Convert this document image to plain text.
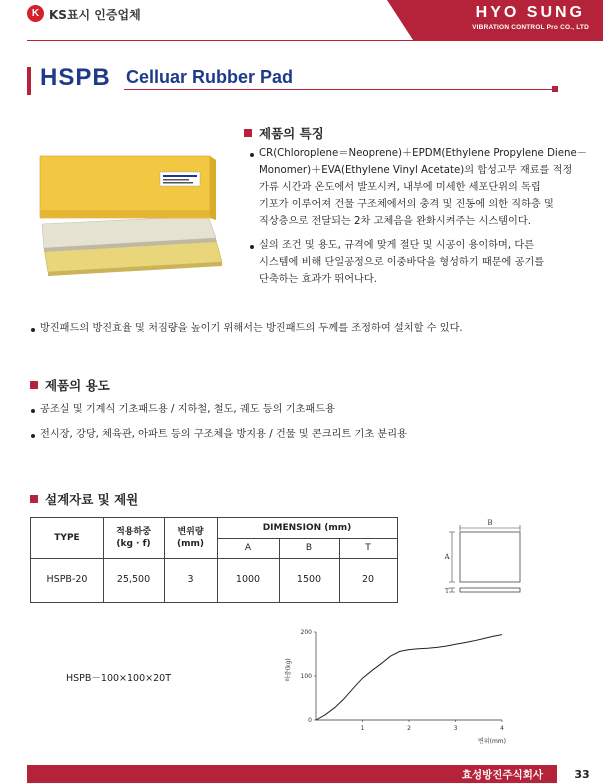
K KS표시 인증업체	HYO SUNG
VIBRATION CONTROL Pro CO., LTD
HSPB Celluar Rubber Pad
제품의 특징
CR(Chloroplene＝Neoprene)＋EPDM(Ethylene Propylene Diene－
Monomer)＋EVA(Ethylene Vinyl Acetate)의 합성고무 재료를 적정
가류 시간과 온도에서 발포시켜, 내부에 미세한 세포단위의 독립
기포가 이루어져 건물 구조체에서의 충격 및 진동에 의한 직하층 및
직상층으로 전달되는 2차 고체음을 완화시켜주는 시스템이다.
실의 조건 및 용도, 규격에 맞게 절단 및 시공이 용이하며, 다른
시스템에 비해 단일공정으로 이중바닥을 형성하기 때문에 공기를
단축하는 효과가 뛰어나다.
방진패드의 방진효율 및 처짐량을 높이기 위해서는 방진패드의 두께를 조정하여 설치할 수 있다.
제품의 용도
공조실 및 기계식 기초패드용 / 지하철, 철도, 궤도 등의 기초패드용
전시장, 강당, 체육관, 아파트 등의 구조체을 방지용 / 건물 및 콘크리트 기초 분리용
설계자료 및 제원
TYPE
적용하중
(kg · f)
변위량
(mm)
DIMENSION (mm)
A	B	T
HSPB-20	25,500	3	1000	1500	20
B
A
T
HSPB－100×100×20T
1	2	3	4
0
100
200
하중(kg)
변위(mm)
효성방진주식회사	33
